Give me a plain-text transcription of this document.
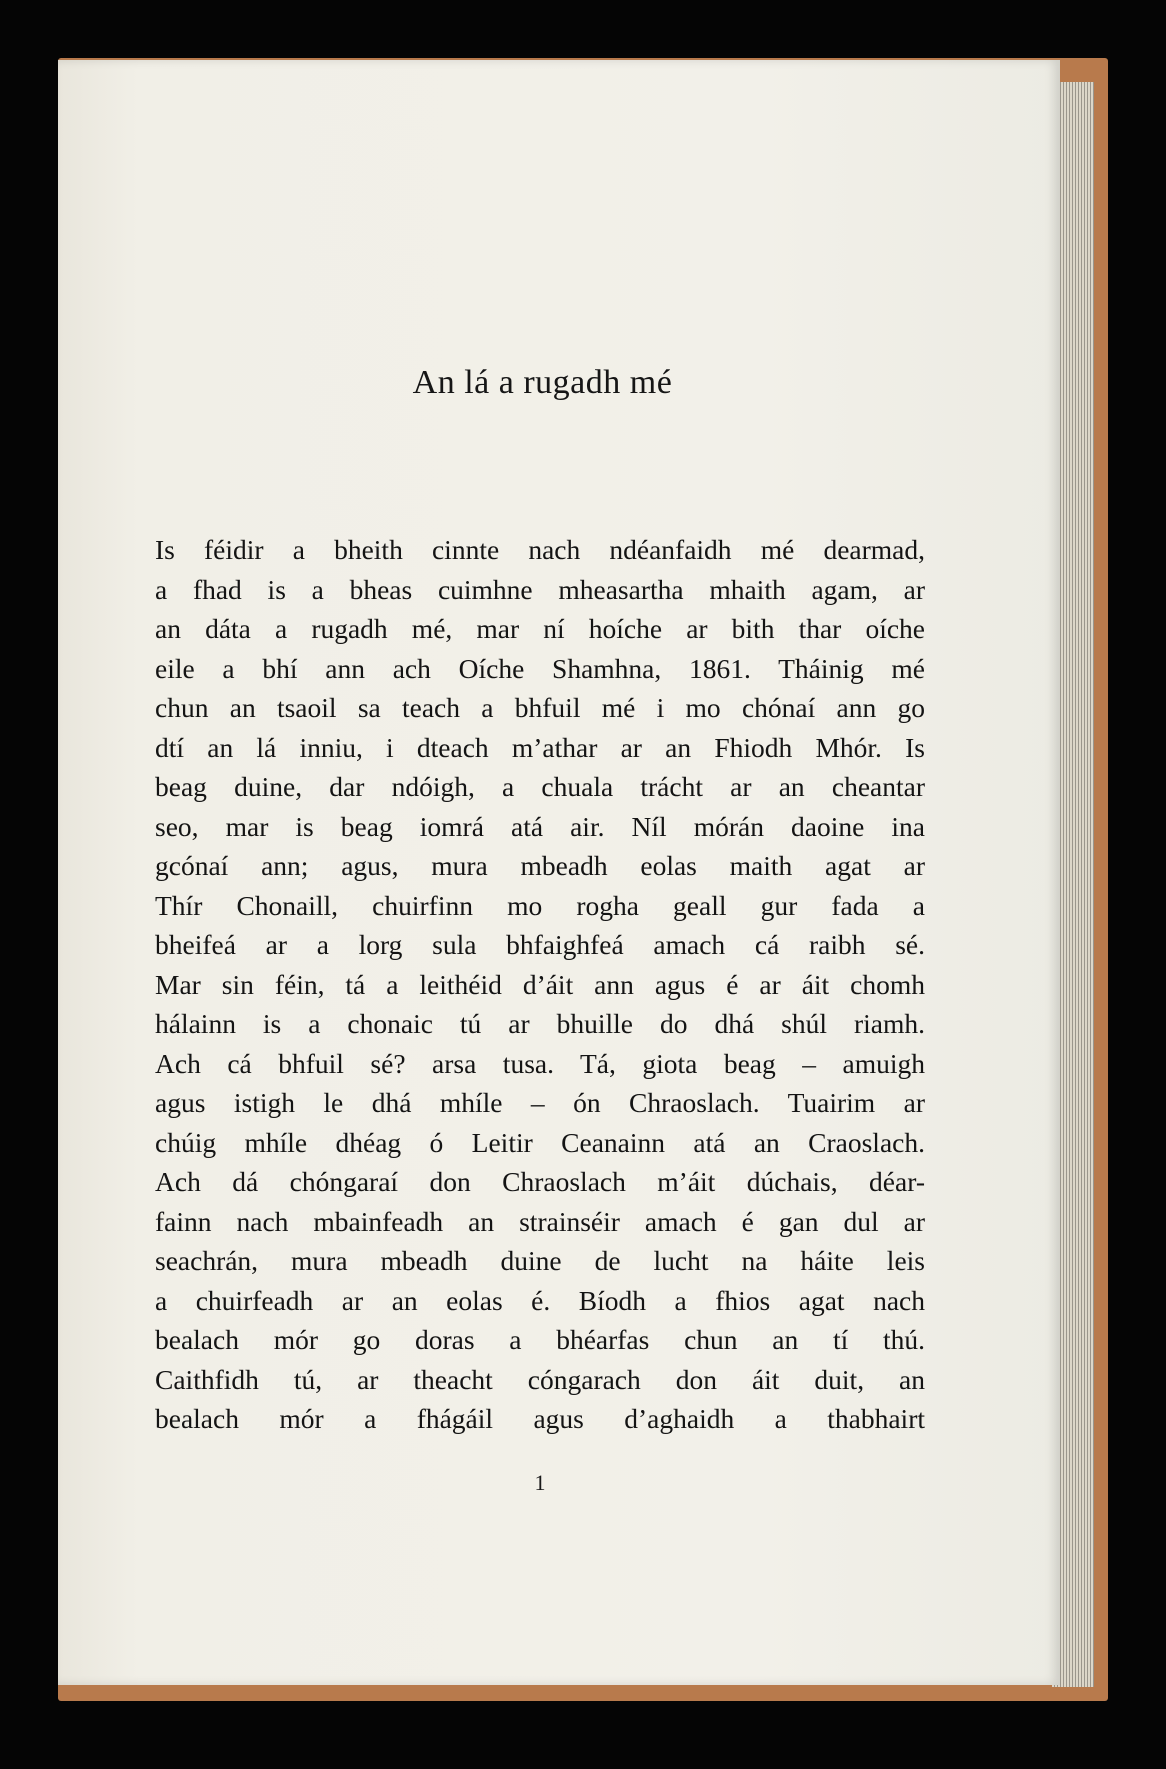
An lá a rugadh mé
Is féidir a bheith cinnte nach ndéanfaidh mé dearmad,
a fhad is a bheas cuimhne mheasartha mhaith agam, ar
an dáta a rugadh mé, mar ní hoíche ar bith thar oíche
eile a bhí ann ach Oíche Shamhna, 1861. Tháinig mé
chun an tsaoil sa teach a bhfuil mé i mo chónaí ann go
dtí an lá inniu, i dteach m’athar ar an Fhiodh Mhór. Is
beag duine, dar ndóigh, a chuala trácht ar an cheantar
seo, mar is beag iomrá atá air. Níl mórán daoine ina
gcónaí ann; agus, mura mbeadh eolas maith agat ar
Thír Chonaill, chuirfinn mo rogha geall gur fada a
bheifeá ar a lorg sula bhfaighfeá amach cá raibh sé.
Mar sin féin, tá a leithéid d’áit ann agus é ar áit chomh
hálainn is a chonaic tú ar bhuille do dhá shúl riamh.
Ach cá bhfuil sé? arsa tusa. Tá, giota beag – amuigh
agus istigh le dhá mhíle – ón Chraoslach. Tuairim ar
chúig mhíle dhéag ó Leitir Ceanainn atá an Craoslach.
Ach dá chóngaraí don Chraoslach m’áit dúchais, déar-
fainn nach mbainfeadh an strainséir amach é gan dul ar
seachrán, mura mbeadh duine de lucht na háite leis
a chuirfeadh ar an eolas é. Bíodh a fhios agat nach
bealach mór go doras a bhéarfas chun an tí thú.
Caithfidh tú, ar theacht cóngarach don áit duit, an
bealach mór a fhágáil agus d’aghaidh a thabhairt
1
